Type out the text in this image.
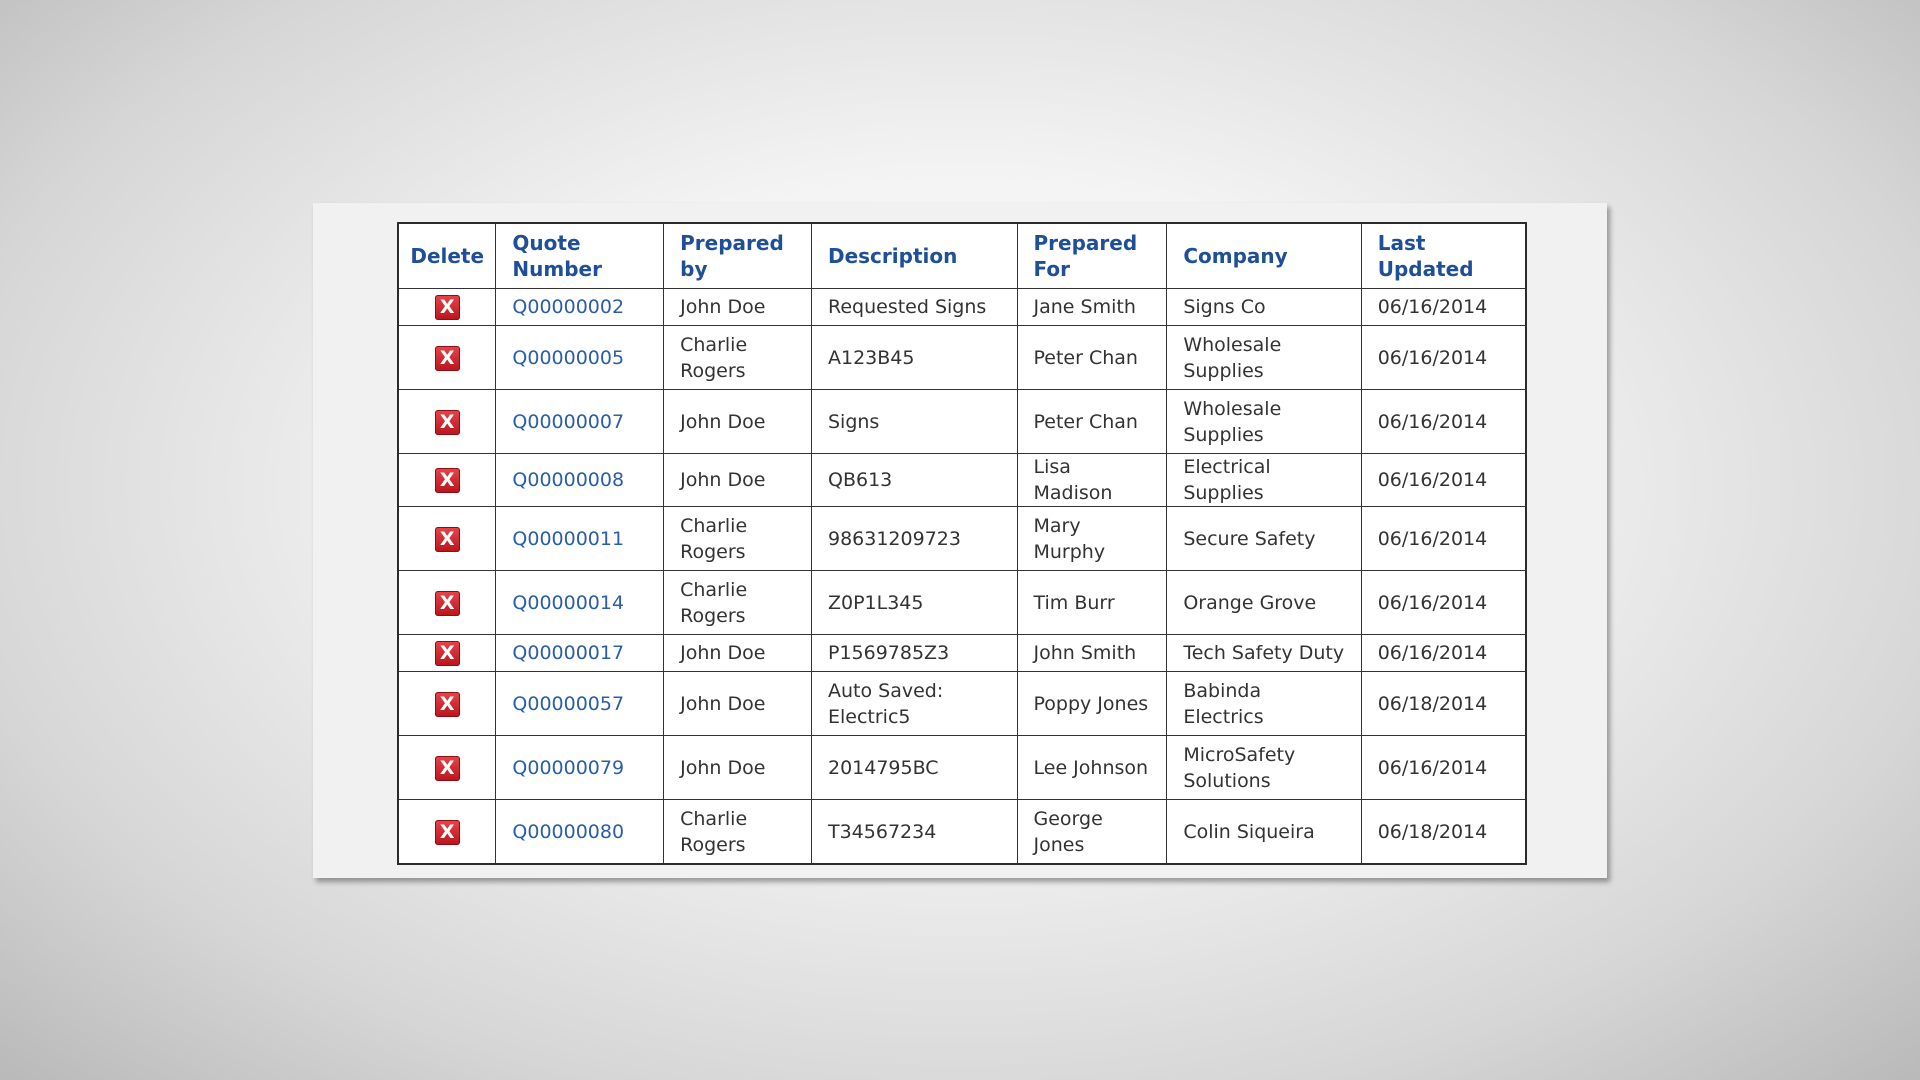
Delete	Quote Number	Prepared by	Description	Prepared For	Company	Last Updated
X	Q00000002	John Doe	Requested Signs	Jane Smith	Signs Co	06/16/2014
X	Q00000005	Charlie Rogers	A123B45	Peter Chan	Wholesale Supplies	06/16/2014
X	Q00000007	John Doe	Signs	Peter Chan	Wholesale Supplies	06/16/2014
X	Q00000008	John Doe	QB613	Lisa Madison	Electrical Supplies	06/16/2014
X	Q00000011	Charlie Rogers	98631209723	Mary Murphy	Secure Safety	06/16/2014
X	Q00000014	Charlie Rogers	Z0P1L345	Tim Burr	Orange Grove	06/16/2014
X	Q00000017	John Doe	P1569785Z3	John Smith	Tech Safety Duty	06/16/2014
X	Q00000057	John Doe	Auto Saved: Electric5	Poppy Jones	Babinda Electrics	06/18/2014
X	Q00000079	John Doe	2014795BC	Lee Johnson	MicroSafety Solutions	06/16/2014
X	Q00000080	Charlie Rogers	T34567234	George Jones	Colin Siqueira	06/18/2014
